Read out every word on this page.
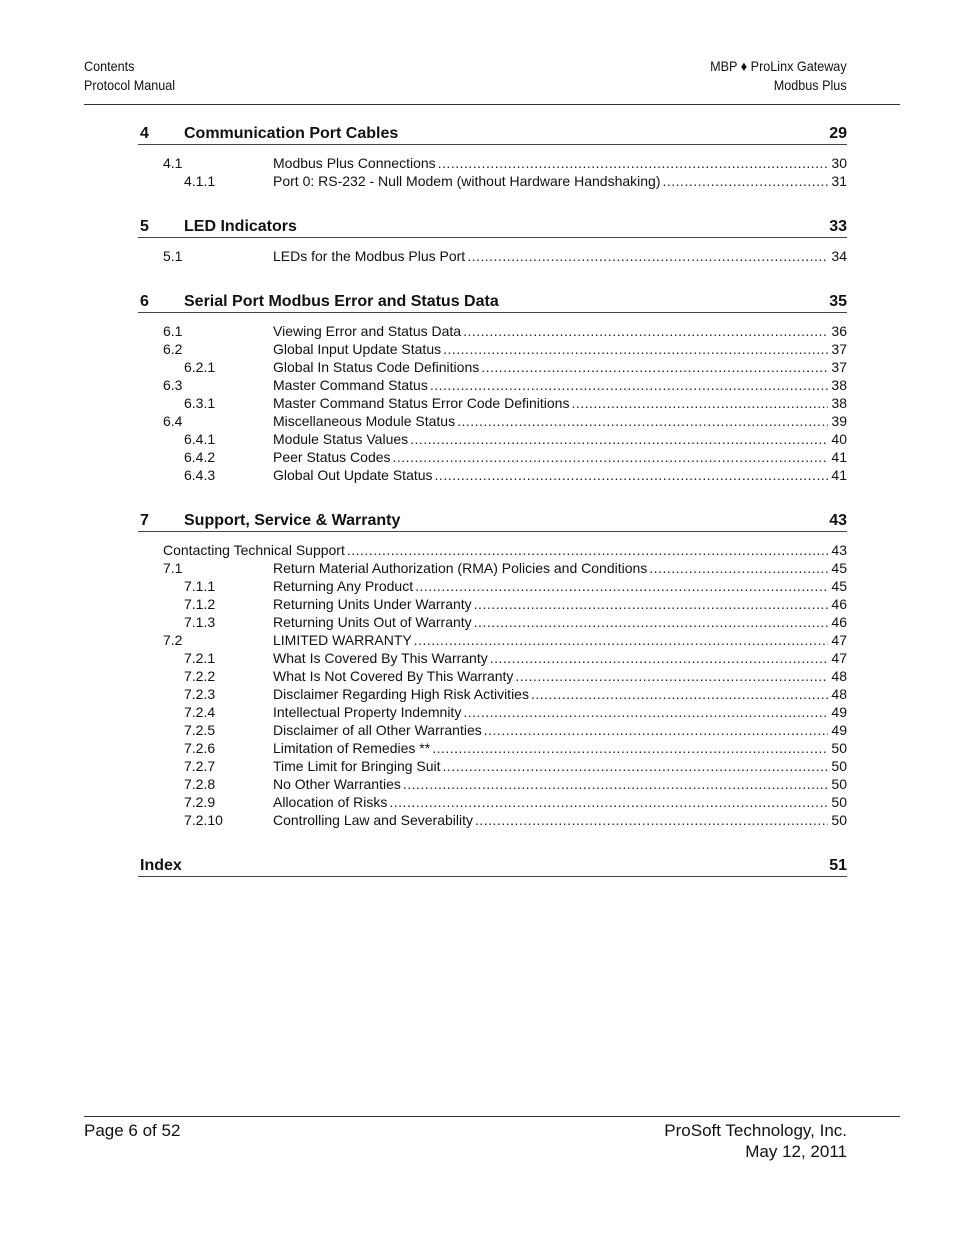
Contents
Protocol Manual
MBP ♦ ProLinx Gateway
Modbus Plus
4 Communication Port Cables	29
4.1	Modbus Plus Connections .....	30
4.1.1	Port 0: RS-232 - Null Modem (without Hardware Handshaking) .....	31
5 LED Indicators	33
5.1	LEDs for the Modbus Plus Port .....	34
6 Serial Port Modbus Error and Status Data	35
6.1	Viewing Error and Status Data .....	36
6.2	Global Input Update Status .....	37
6.2.1	Global In Status Code Definitions .....	37
6.3	Master Command Status .....	38
6.3.1	Master Command Status Error Code Definitions .....	38
6.4	Miscellaneous Module Status .....	39
6.4.1	Module Status Values .....	40
6.4.2	Peer Status Codes .....	41
6.4.3	Global Out Update Status .....	41
7 Support, Service & Warranty	43
Contacting Technical Support .....	43
7.1	Return Material Authorization (RMA) Policies and Conditions .....	45
7.1.1	Returning Any Product .....	45
7.1.2	Returning Units Under Warranty .....	46
7.1.3	Returning Units Out of Warranty .....	46
7.2	LIMITED WARRANTY .....	47
7.2.1	What Is Covered By This Warranty .....	47
7.2.2	What Is Not Covered By This Warranty .....	48
7.2.3	Disclaimer Regarding High Risk Activities .....	48
7.2.4	Intellectual Property Indemnity .....	49
7.2.5	Disclaimer of all Other Warranties .....	49
7.2.6	Limitation of Remedies ** .....	50
7.2.7	Time Limit for Bringing Suit .....	50
7.2.8	No Other Warranties .....	50
7.2.9	Allocation of Risks .....	50
7.2.10	Controlling Law and Severability .....	50
Index	51
Page 6 of 52	ProSoft Technology, Inc.
May 12, 2011
